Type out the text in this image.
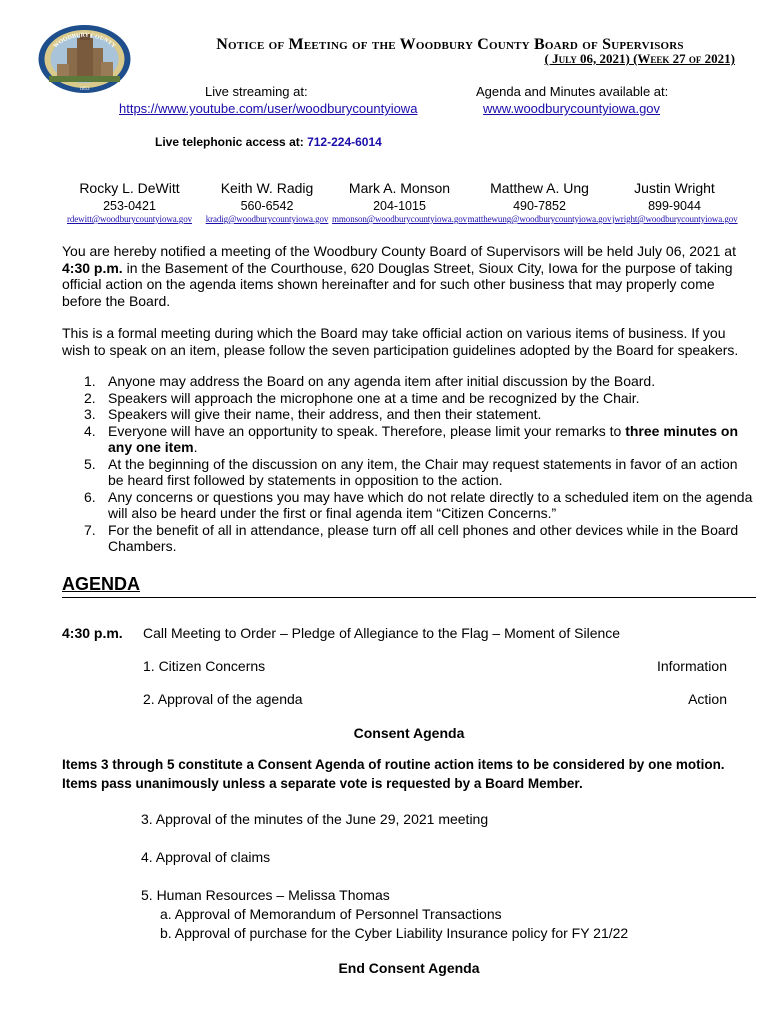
WOODBURY COUNTY
1853
Notice of Meeting of the Woodbury County Board of Supervisors
( July 06, 2021) (Week 27 of 2021)
Live streaming at:
https://www.youtube.com/user/woodburycountyiowa
Agenda and Minutes available at:
www.woodburycountyiowa.gov
Live telephonic access at: 712-224-6014
Rocky L. DeWitt
253-0421
rdewitt@woodburycountyiowa.gov
Keith W. Radig
560-6542
kradig@woodburycountyiowa.gov
Mark A. Monson
204-1015
mmonson@woodburycountyiowa.gov
Matthew A. Ung
490-7852
matthewung@woodburycountyiowa.gov
Justin Wright
899-9044
jwright@woodburycountyiowa.gov
You are hereby notified a meeting of the Woodbury County Board of Supervisors will be held July 06, 2021 at 4:30 p.m. in the Basement of the Courthouse, 620 Douglas Street, Sioux City, Iowa for the purpose of taking official action on the agenda items shown hereinafter and for such other business that may properly come before the Board.
This is a formal meeting during which the Board may take official action on various items of business. If you wish to speak on an item, please follow the seven participation guidelines adopted by the Board for speakers.
1. Anyone may address the Board on any agenda item after initial discussion by the Board.
2. Speakers will approach the microphone one at a time and be recognized by the Chair.
3. Speakers will give their name, their address, and then their statement.
4. Everyone will have an opportunity to speak. Therefore, please limit your remarks to three minutes on any one item.
5. At the beginning of the discussion on any item, the Chair may request statements in favor of an action be heard first followed by statements in opposition to the action.
6. Any concerns or questions you may have which do not relate directly to a scheduled item on the agenda will also be heard under the first or final agenda item “Citizen Concerns.”
7. For the benefit of all in attendance, please turn off all cell phones and other devices while in the Board Chambers.
AGENDA
4:30 p.m. Call Meeting to Order – Pledge of Allegiance to the Flag – Moment of Silence
1. Citizen Concerns	Information
2. Approval of the agenda	Action
Consent Agenda
Items 3 through 5 constitute a Consent Agenda of routine action items to be considered by one motion. Items pass unanimously unless a separate vote is requested by a Board Member.
3. Approval of the minutes of the June 29, 2021 meeting
4. Approval of claims
5. Human Resources – Melissa Thomas
a. Approval of Memorandum of Personnel Transactions
b. Approval of purchase for the Cyber Liability Insurance policy for FY 21/22
End Consent Agenda
